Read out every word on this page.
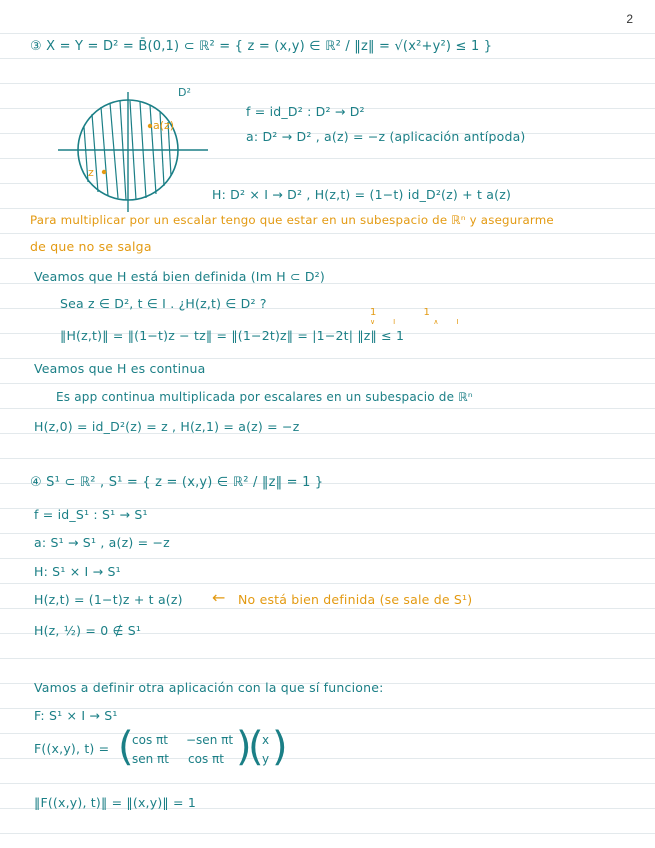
2
③ X = Y = D² = B̄(0,1) ⊂ ℝ² = { z = (x,y) ∈ ℝ² / ‖z‖ = √(x²+y²) ≤ 1 }
D²
a(z)
z
f = id_D² : D² → D²
a: D² → D² , a(z) = −z (aplicación antípoda)
H: D² × I → D² , H(z,t) = (1−t) id_D²(z) + t a(z)
Para multiplicar por un escalar tengo que estar en un subespacio de ℝⁿ y asegurarme
de que no se salga
Veamos que H está bien definida (Im H ⊂ D²)
Sea z ∈ D², t ∈ I . ¿H(z,t) ∈ D² ?
1 1
∨I ∧I
‖H(z,t)‖ = ‖(1−t)z − tz‖ = ‖(1−2t)z‖ = |1−2t| ‖z‖ ≤ 1
Veamos que H es continua
Es app continua multiplicada por escalares en un subespacio de ℝⁿ
H(z,0) = id_D²(z) = z , H(z,1) = a(z) = −z
④ S¹ ⊂ ℝ² , S¹ = { z = (x,y) ∈ ℝ² / ‖z‖ = 1 }
f = id_S¹ : S¹ → S¹
a: S¹ → S¹ , a(z) = −z
H: S¹ × I → S¹
H(z,t) = (1−t)z + t a(z) ← No está bien definida (se sale de S¹)
H(z, ½) = 0 ∉ S¹
Vamos a definir otra aplicación con la que sí funcione:
F: S¹ × I → S¹
F((x,y), t) = (
cos πt −sen πt
sen πt cos πt )
(
x
y )
‖F((x,y), t)‖ = ‖(x,y)‖ = 1
